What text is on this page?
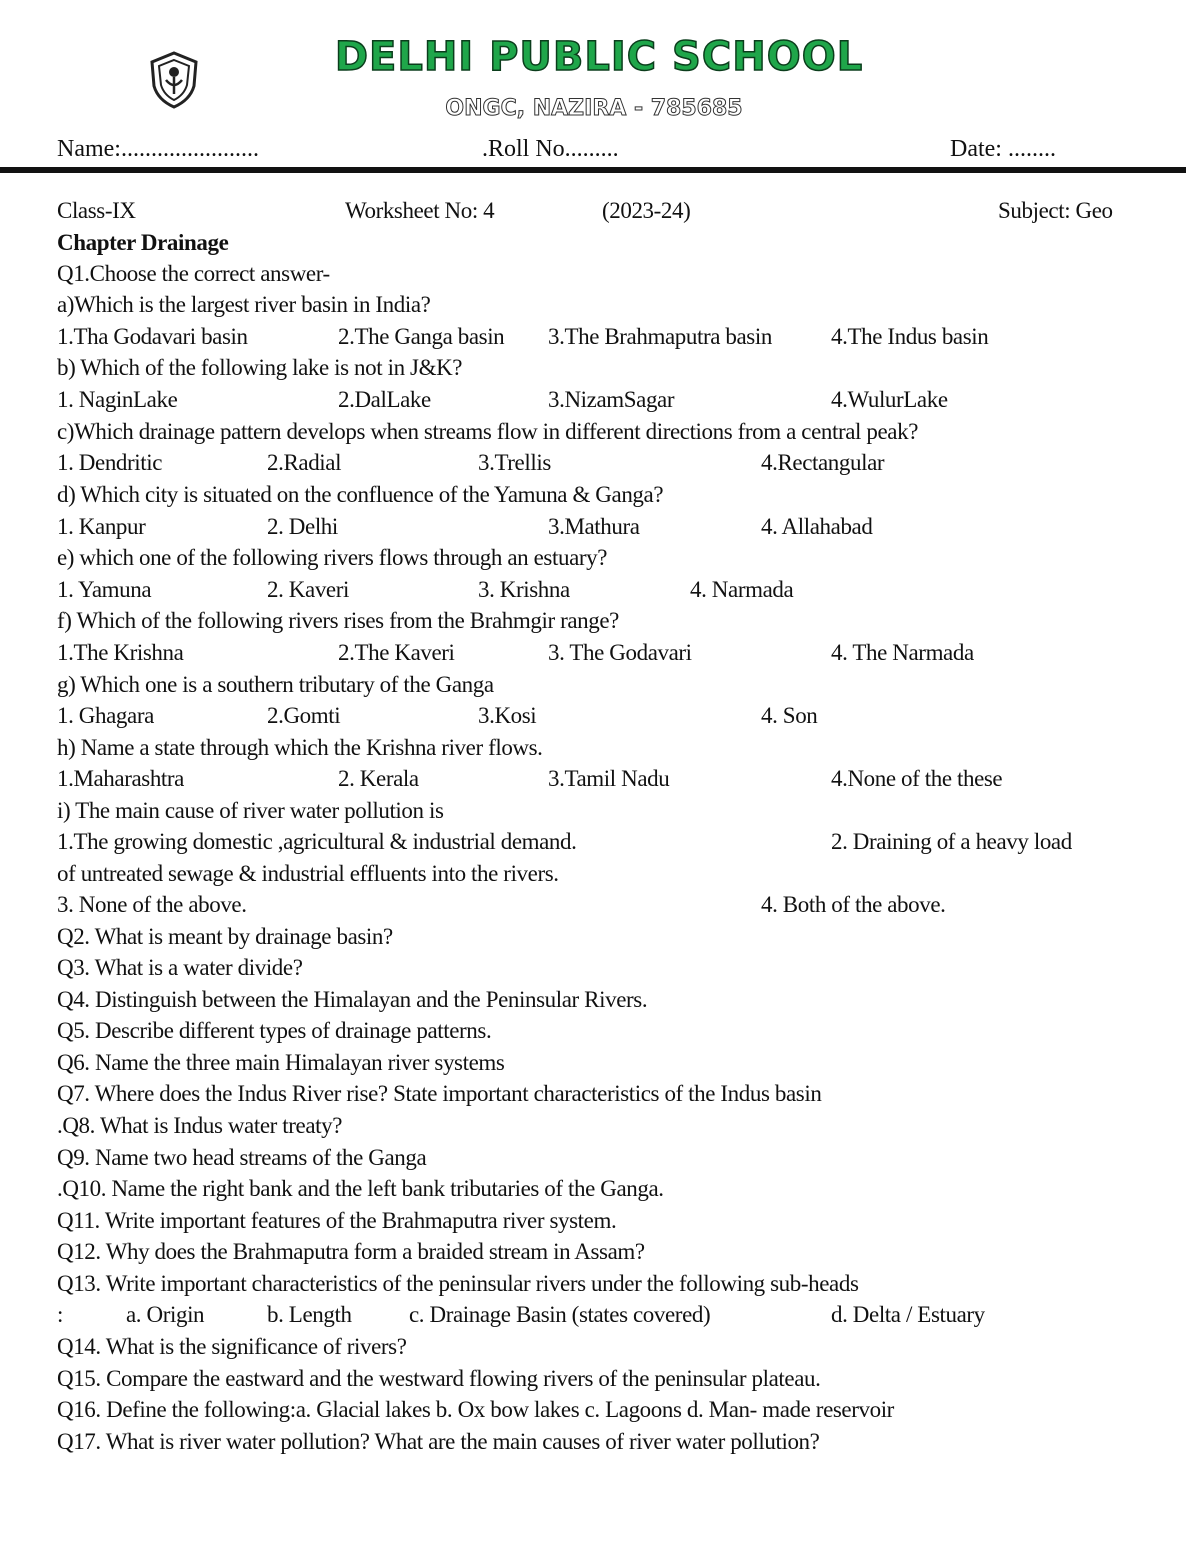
DELHI PUBLIC SCHOOL
ONGC, NAZIRA - 785685
Name:.......................	.Roll No.........	Date: ........
Class-IX	Worksheet No: 4	(2023-24)	Subject: Geo
Chapter Drainage
Q1.Choose the correct answer-
a)Which is the largest river basin in India?
1.Tha Godavari basin	2.The Ganga basin 3.The Brahmaputra basin	4.The Indus basin
b) Which of the following lake is not in J&K?
1. NaginLake	2.DalLake	3.NizamSagar	4.WulurLake
c)Which drainage pattern develops when streams flow in different directions from a central peak?
1. Dendritic	2.Radial	3.Trellis	4.Rectangular
d) Which city is situated on the confluence of the Yamuna & Ganga?
1. Kanpur	2. Delhi	3.Mathura	4. Allahabad
e) which one of the following rivers flows through an estuary?
1. Yamuna	2. Kaveri	3. Krishna	4. Narmada
f) Which of the following rivers rises from the Brahmgir range?
1.The Krishna	2.The Kaveri	3. The Godavari	4. The Narmada
g) Which one is a southern tributary of the Ganga
1. Ghagara	2.Gomti	3.Kosi	4. Son
h) Name a state through which the Krishna river flows.
1.Maharashtra	2. Kerala	3.Tamil Nadu	4.None of the these
i) The main cause of river water pollution is
1.The growing domestic ,agricultural & industrial demand.	2. Draining of a heavy load
of untreated sewage & industrial effluents into the rivers.
3. None of the above.	4. Both of the above.
Q2. What is meant by drainage basin?
Q3. What is a water divide?
Q4. Distinguish between the Himalayan and the Peninsular Rivers.
Q5. Describe different types of drainage patterns.
Q6. Name the three main Himalayan river systems
Q7. Where does the Indus River rise? State important characteristics of the Indus basin
.Q8. What is Indus water treaty?
Q9. Name two head streams of the Ganga
.Q10. Name the right bank and the left bank tributaries of the Ganga.
Q11. Write important features of the Brahmaputra river system.
Q12. Why does the Brahmaputra form a braided stream in Assam?
Q13. Write important characteristics of the peninsular rivers under the following sub-heads
:	a. Origin	b. Length c. Drainage Basin (states covered)	d. Delta / Estuary
Q14. What is the significance of rivers?
Q15. Compare the eastward and the westward flowing rivers of the peninsular plateau.
Q16. Define the following:a. Glacial lakes b. Ox bow lakes c. Lagoons d. Man- made reservoir
Q17. What is river water pollution? What are the main causes of river water pollution?
